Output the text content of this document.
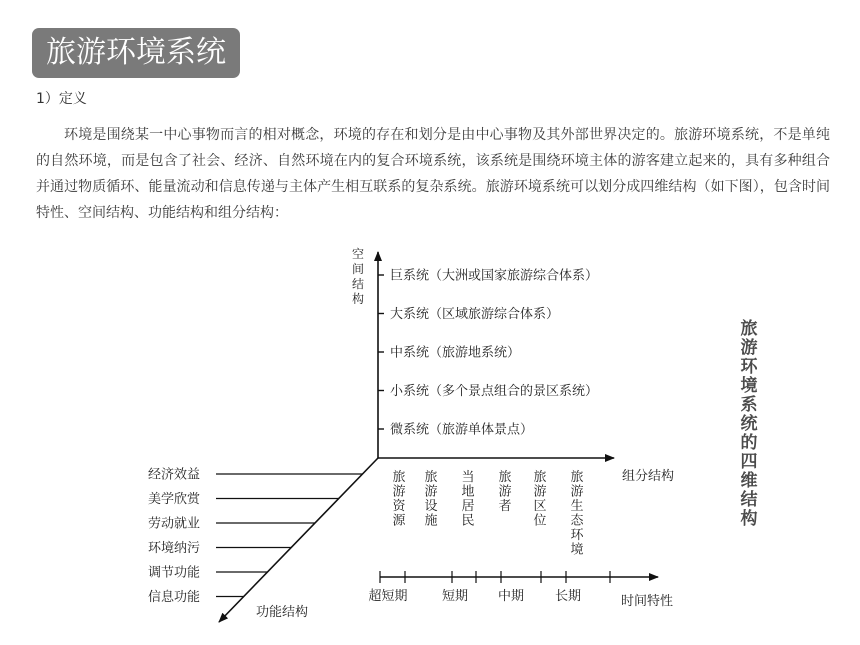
旅游环境系统
1）定义
环境是围绕某一中心事物而言的相对概念，环境的存在和划分是由中心事物及其外部世界决定的。旅游环境系统，不是单纯的自然环境，而是包含了社会、经济、自然环境在内的复合环境系统，该系统是围绕环境主体的游客建立起来的，具有多种组合并通过物质循环、能量流动和信息传递与主体产生相互联系的复杂系统。旅游环境系统可以划分成四维结构（如下图），包含时间特性、空间结构、功能结构和组分结构：
空
间
结
构
巨系统（大洲或国家旅游综合体系）
大系统（区域旅游综合体系）
中系统（旅游地系统）
小系统（多个景点组合的景区系统）
微系统（旅游单体景点）
组分结构
旅
游
资
源
旅
游
设
施
当
地
居
民
旅
游
者
旅
游
区
位
旅
游
生
态
环
境
功能结构
经济效益
美学欣赏
劳动就业
环境纳污
调节功能
信息功能	时间特性
超短期	短期 中期 长期
旅游环境系统的四维结构
